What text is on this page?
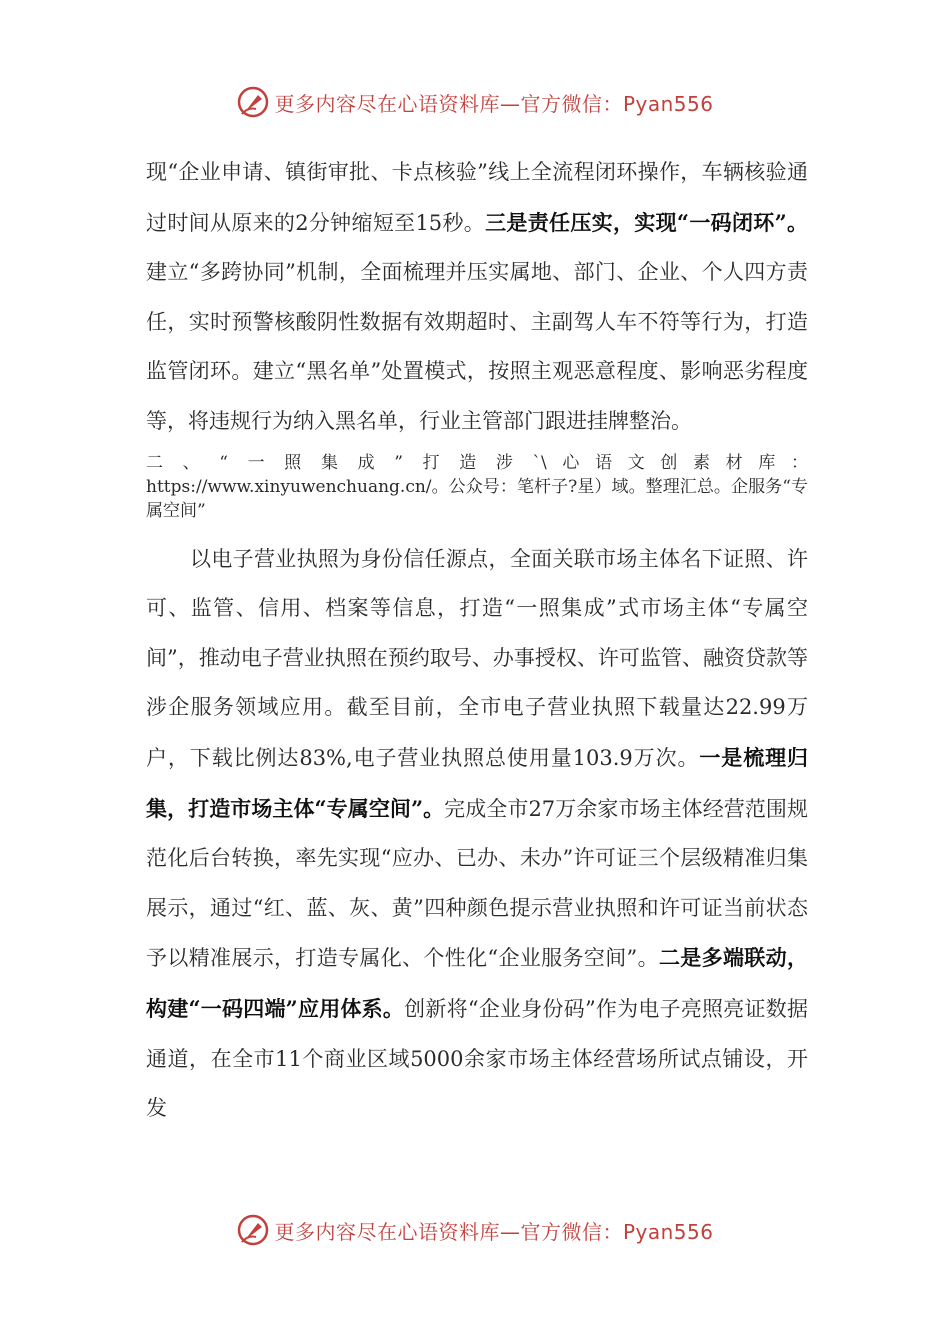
更多内容尽在心语资料库—官方微信：Pyan556

现“企业申请、镇街审批、卡点核验”线上全流程闭环操作，车辆核验通过时间从原来的2分钟缩短至15秒。三是责任压实，实现“一码闭环”。建立“多跨协同”机制，全面梳理并压实属地、部门、企业、个人四方责任，实时预警核酸阴性数据有效期超时、主副驾人车不符等行为，打造监管闭环。建立“黑名单”处置模式，按照主观恶意程度、影响恶劣程度等，将违规行为纳入黑名单，行业主管部门跟进挂牌整治。

二、“一照集成”打造涉`\心语文创素材库：https://www.xinyuwenchuang.cn/。公众号：笔杆子?星）域。整理汇总。企服务“专属空间”

以电子营业执照为身份信任源点，全面关联市场主体名下证照、许可、监管、信用、档案等信息，打造“一照集成”式市场主体“专属空间”，推动电子营业执照在预约取号、办事授权、许可监管、融资贷款等涉企服务领域应用。截至目前，全市电子营业执照下载量达22.99万户，下载比例达83%,电子营业执照总使用量103.9万次。一是梳理归集，打造市场主体“专属空间”。完成全市27万余家市场主体经营范围规范化后台转换，率先实现“应办、已办、未办”许可证三个层级精准归集展示，通过“红、蓝、灰、黄”四种颜色提示营业执照和许可证当前状态予以精准展示，打造专属化、个性化“企业服务空间”。二是多端联动，构建“一码四端”应用体系。创新将“企业身份码”作为电子亮照亮证数据通道，在全市11个商业区域5000余家市场主体经营场所试点铺设，开发

更多内容尽在心语资料库—官方微信：Pyan556
